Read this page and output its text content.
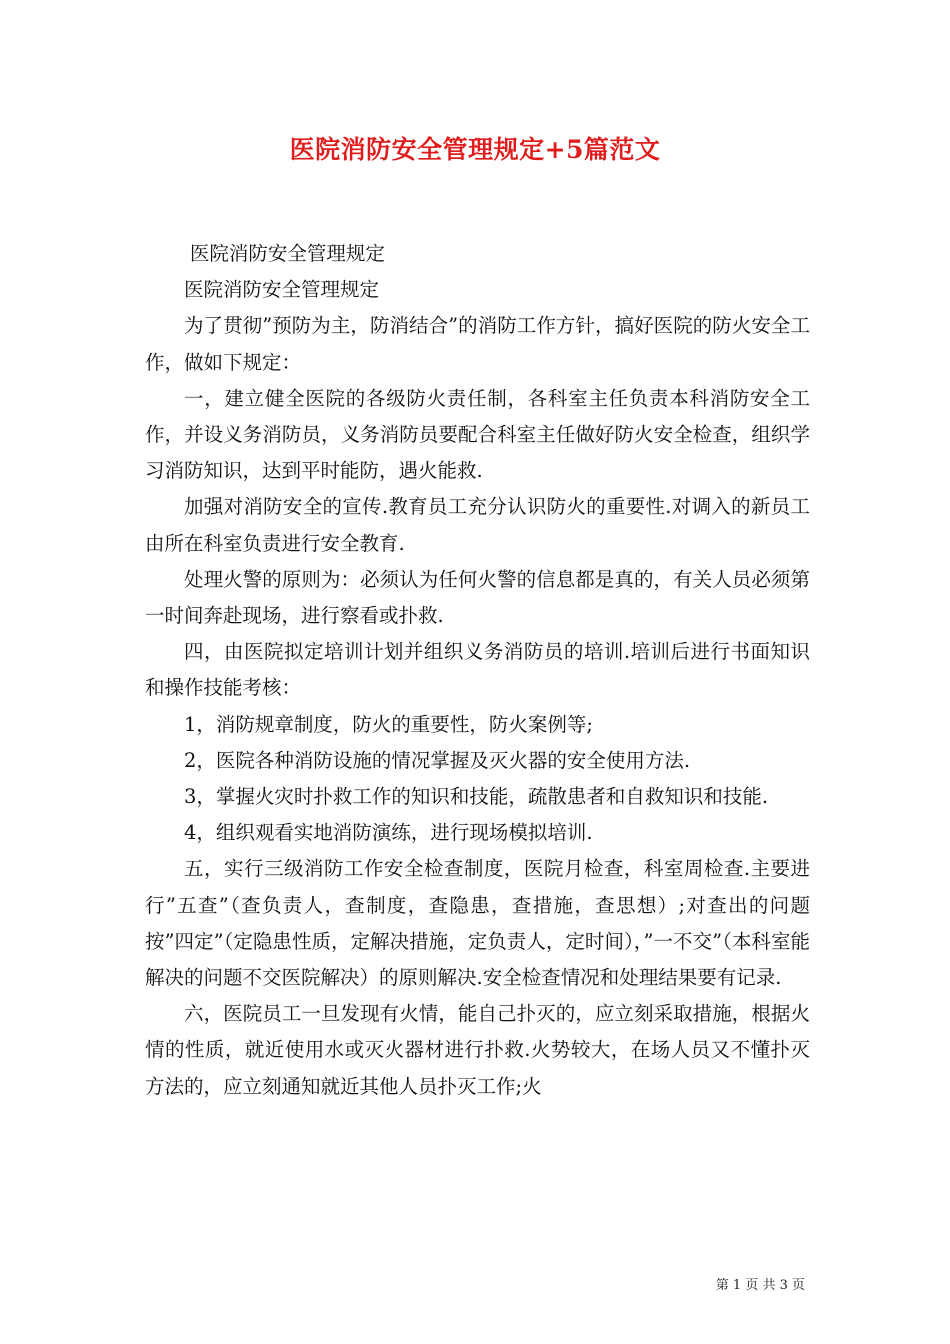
医院消防安全管理规定+5篇范文

医院消防安全管理规定

医院消防安全管理规定

为了贯彻”预防为主，防消结合”的消防工作方针，搞好医院的防火安全工作，做如下规定：

一，建立健全医院的各级防火责任制，各科室主任负责本科消防安全工作，并设义务消防员，义务消防员要配合科室主任做好防火安全检查，组织学习消防知识，达到平时能防，遇火能救.

加强对消防安全的宣传.教育员工充分认识防火的重要性.对调入的新员工由所在科室负责进行安全教育.

处理火警的原则为：必须认为任何火警的信息都是真的，有关人员必须第一时间奔赴现场，进行察看或扑救.

四，由医院拟定培训计划并组织义务消防员的培训.培训后进行书面知识和操作技能考核：

1，消防规章制度，防火的重要性，防火案例等;

2，医院各种消防设施的情况掌握及灭火器的安全使用方法.

3，掌握火灾时扑救工作的知识和技能，疏散患者和自救知识和技能.

4，组织观看实地消防演练，进行现场模拟培训.

五，实行三级消防工作安全检查制度，医院月检查，科室周检查.主要进行”五查”（查负责人，查制度，查隐患，查措施，查思想）;对查出的问题按”四定”（定隐患性质，定解决措施，定负责人，定时间），”一不交”（本科室能解决的问题不交医院解决）的原则解决.安全检查情况和处理结果要有记录.

六，医院员工一旦发现有火情，能自己扑灭的，应立刻采取措施，根据火情的性质，就近使用水或灭火器材进行扑救.火势较大，在场人员又不懂扑灭方法的，应立刻通知就近其他人员扑灭工作;火

第 1 页 共 3 页
